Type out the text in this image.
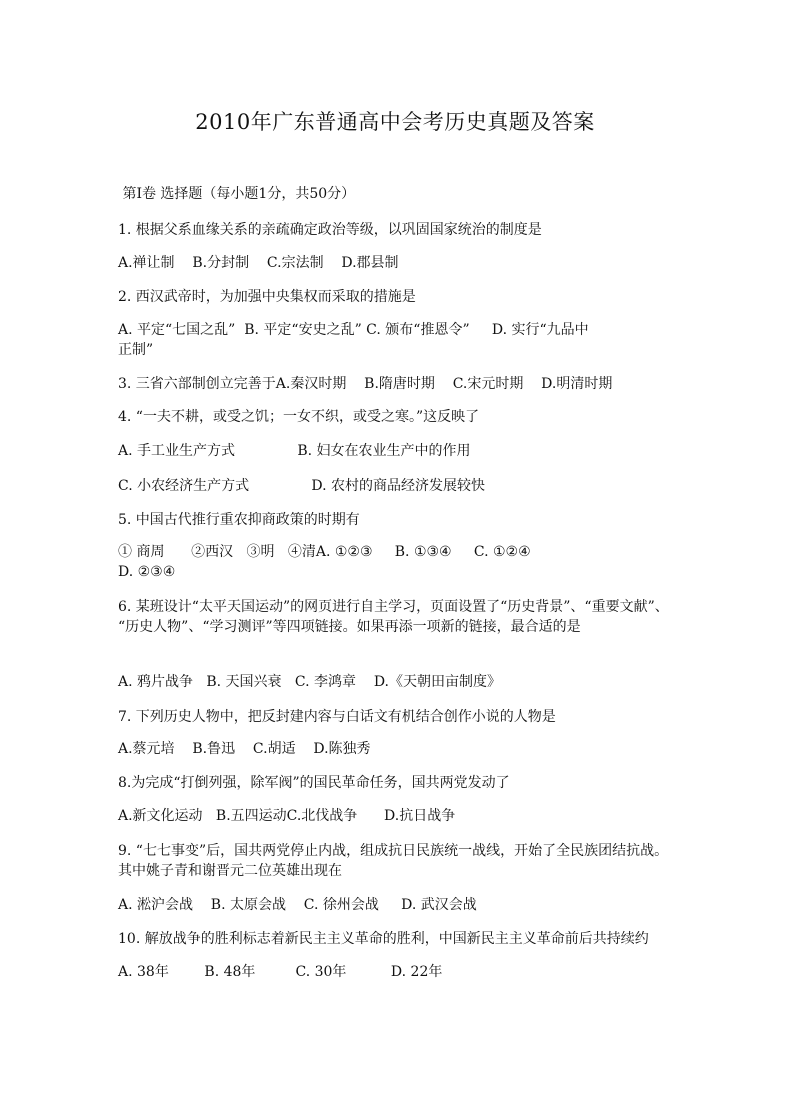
2010年广东普通高中会考历史真题及答案
第Ⅰ卷 选择题（每小题1分，共50分）
1. 根据父系血缘关系的亲疏确定政治等级，以巩固国家统治的制度是
A.禅让制    B.分封制    C.宗法制    D.郡县制
2. 西汉武帝时，为加强中央集权而采取的措施是
A. 平定“七国之乱”  B. 平定“安史之乱” C. 颁布“推恩令”     D. 实行“九品中
正制”
3. 三省六部制创立完善于A.秦汉时期    B.隋唐时期    C.宋元时期    D.明清时期
4. “一夫不耕，或受之饥；一女不织，或受之寒。”这反映了
A. 手工业生产方式              B. 妇女在农业生产中的作用
C. 小农经济生产方式              D. 农村的商品经济发展较快
5. 中国古代推行重农抑商政策的时期有
① 商周      ②西汉   ③明   ④清A. ①②③     B. ①③④     C. ①②④
D. ②③④
6. 某班设计“太平天国运动”的网页进行自主学习，页面设置了“历史背景”、“重要文献”、 “历史人物”、“学习测评”等四项链接。如果再添一项新的链接，最合适的是
A. 鸦片战争   B. 天国兴衰   C. 李鸿章    D.《天朝田亩制度》
7. 下列历史人物中，把反封建内容与白话文有机结合创作小说的人物是
A.蔡元培    B.鲁迅    C.胡适    D.陈独秀
8.为完成“打倒列强，除军阀”的国民革命任务，国共两党发动了
A.新文化运动   B.五四运动C.北伐战争      D.抗日战争
9. “七七事变”后，国共两党停止内战，组成抗日民族统一战线，开始了全民族团结抗战。其中姚子青和谢晋元二位英雄出现在
A. 淞沪会战    B. 太原会战    C. 徐州会战     D. 武汉会战
10. 解放战争的胜利标志着新民主主义革命的胜利，中国新民主主义革命前后共持续约
A. 38年        B. 48年         C. 30年          D. 22年
